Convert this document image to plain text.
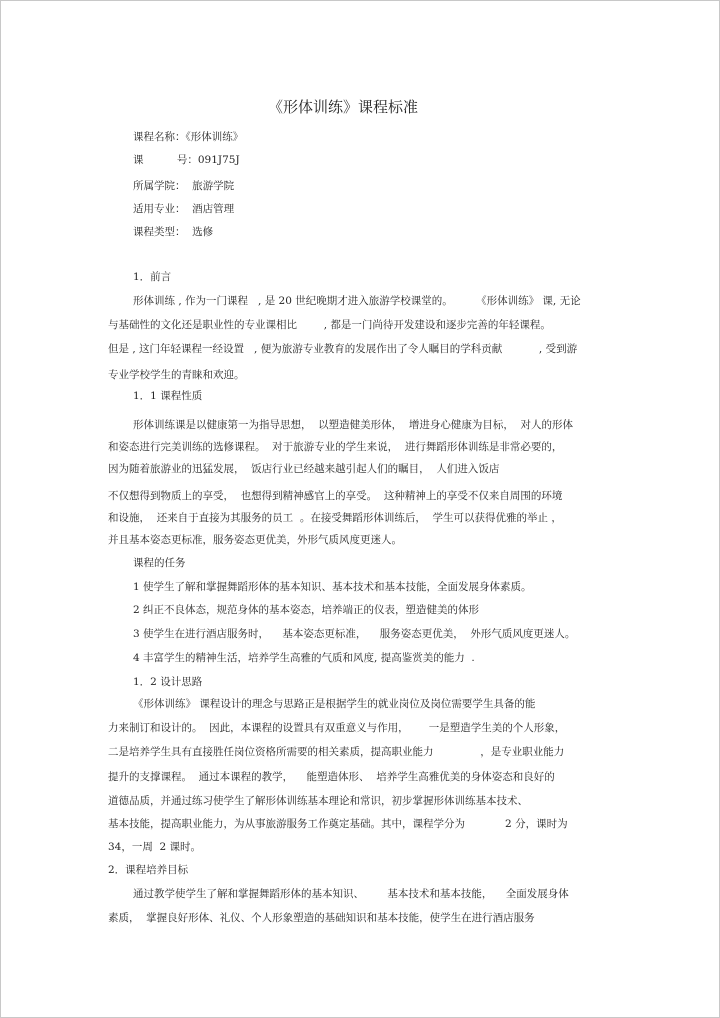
《形体训练》课程标准
课程名称：《形体训练》
课          号：091J75J
所属学院：  旅游学院
适用专业：  酒店管理
课程类型：  选修
1．前言
形体训练 , 作为一门课程   , 是 20 世纪晚期才进入旅游学校课堂的。       《形体训练》 课, 无论
与基础性的文化还是职业性的专业课相比        , 都是一门尚待开发建设和逐步完善的年轻课程。
但是 , 这门年轻课程一经设置   , 便为旅游专业教育的发展作出了令人瞩目的学科贡献           , 受到游
专业学校学生的青睐和欢迎。
1．1 课程性质
形体训练课是以健康第一为指导思想，  以塑造健美形体，  增进身心健康为目标，  对人的形体
和姿态进行完美训练的选修课程。  对于旅游专业的学生来说，  进行舞蹈形体训练是非常必要的，
因为随着旅游业的迅猛发展，  饭店行业已经越来越引起人们的瞩目，  人们进入饭店
不仅想得到物质上的享受，  也想得到精神感官上的享受。  这种精神上的享受不仅来自周围的环境
和设施，  还来自于直接为其服务的员工  。在接受舞蹈形体训练后，  学生可以获得优雅的举止 ，
并且基本姿态更标准，服务姿态更优美，外形气质风度更迷人。
课程的任务
1 使学生了解和掌握舞蹈形体的基本知识、基本技术和基本技能，全面发展身体素质。
2 纠正不良体态，规范身体的基本姿态，培养端正的仪表，塑造健美的体形
3 使学生在进行酒店服务时，    基本姿态更标准，    服务姿态更优美，  外形气质风度更迷人。
4 丰富学生的精神生活，培养学生高雅的气质和风度, 提高鉴赏美的能力  .
1．2 设计思路
《形体训练》 课程设计的理念与思路正是根据学生的就业岗位及岗位需要学生具备的能
力来制订和设计的。  因此，本课程的设置具有双重意义与作用，      一是塑造学生美的个人形象，
二是培养学生具有直接胜任岗位资格所需要的相关素质，提高职业能力              ，是专业职业能力
提升的支撑课程。  通过本课程的教学，    能塑造体形、  培养学生高雅优美的身体姿态和良好的
道德品质，并通过练习使学生了解形体训练基本理论和常识，初步掌握形体训练基本技术、
基本技能，提高职业能力，为从事旅游服务工作奠定基础。其中，课程学分为            2 分，课时为
34，一周  2 课时。
2．课程培养目标
通过教学使学生了解和掌握舞蹈形体的基本知识、       基本技术和基本技能，    全面发展身体
素质，  掌握良好形体、礼仪、个人形象塑造的基础知识和基本技能，使学生在进行酒店服务
